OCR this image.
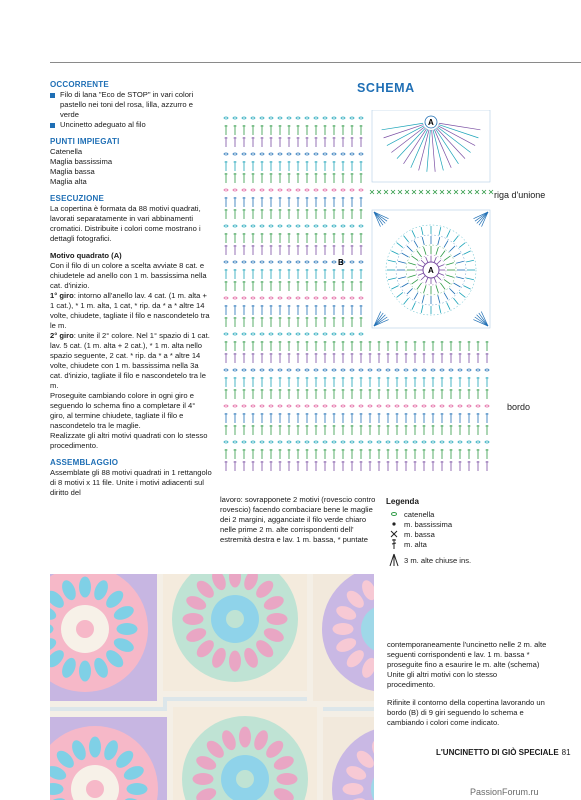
OCCORRENTE
Filo di lana "Eco de STOP" in vari colori pastello nei toni del rosa, lilla, azzurro e verde
Uncinetto adeguato al filo
PUNTI IMPIEGATI

Catenella

Maglia bassissima

Maglia bassa

Maglia alta

ESECUZIONE

La copertina è formata da 88 motivi quadrati, lavorati separatamente in vari abbinamenti cromatici. Distribuite i colori come mostrano i dettagli fotografici.

Motivo quadrato (A)

Con il filo di un colore a scelta avviate 8 cat. e chiudetele ad anello con 1 m. bassissima nella cat. d'inizio.

1° giro: intorno all'anello lav. 4 cat. (1 m. alta + 1 cat.), * 1 m. alta, 1 cat, * rip. da * a * altre 14 volte, chiudete, tagliate il filo e nascondetelo tra le m.

2° giro: unite il 2° colore. Nel 1° spazio di 1 cat. lav. 5 cat. (1 m. alta + 2 cat.), * 1 m. alta nello spazio seguente, 2 cat. * rip. da * a * altre 14 volte, chiudete con 1 m. bassissima nella 3a cat. d'inizio, tagliate il filo e nascondetelo tra le m.

Proseguite cambiando colore in ogni giro e seguendo lo schema fino a completare il 4° giro, al termine chiudete, tagliate il filo e nascondetelo tra le maglie.

Realizzate gli altri motivi quadrati con lo stesso procedimento.

ASSEMBLAGGIO

Assemblate gli 88 motivi quadrati in 1 rettangolo di 8 motivi x 11 file. Unite i motivi adiacenti sul diritto del

SCHEMA
A
A
B
riga d'unione
bordo
lavoro: sovrapponete 2 motivi (rovescio contro rovescio) facendo combaciare bene le maglie dei 2 margini, agganciate il filo verde chiaro nelle prime 2 m. alte corrispondenti dell' estremità destra e lav. 1 m. bassa, * puntate
Legenda
catenella
m. bassissima
m. bassa
m. alta
3 m. alte chiuse ins.

contemporaneamente l'uncinetto nelle 2 m. alte seguenti corrispondenti e lav. 1 m. bassa * proseguite fino a esaurire le m. alte (schema)

Unite gli altri motivi con lo stesso procedimento.

Rifinite il contorno della copertina lavorando un bordo (B) di 9 giri seguendo lo schema e cambiando i colori come indicato.

L'UNCINETTO DI GIÒ SPECIALE 81
PassionForum.ru
